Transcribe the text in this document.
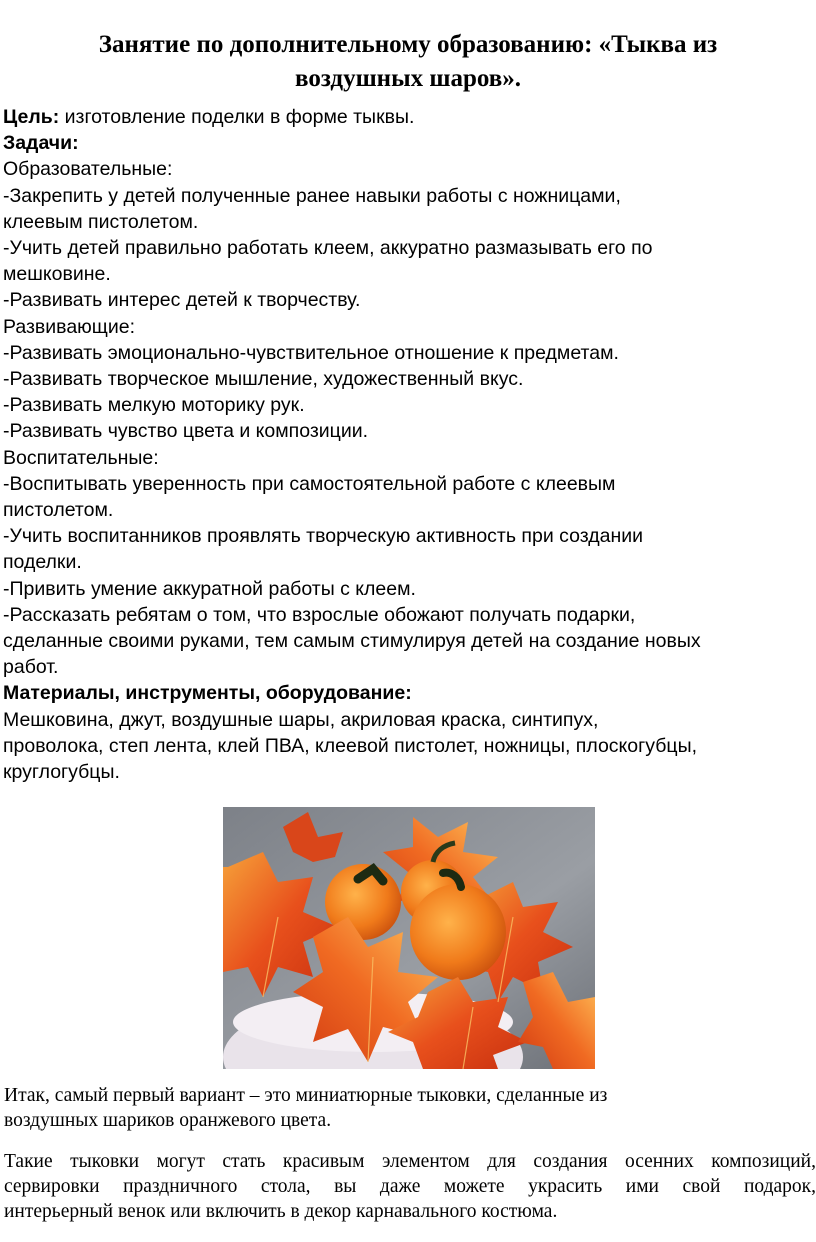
Занятие по дополнительному образованию: «Тыква из
воздушных шаров».
Цель: изготовление поделки в форме тыквы.
Задачи:
Образовательные:
-Закрепить у детей полученные ранее навыки работы с ножницами,
клеевым пистолетом.
-Учить детей правильно работать клеем, аккуратно размазывать его по
мешковине.
-Развивать интерес детей к творчеству.
Развивающие:
-Развивать эмоционально-чувствительное отношение к предметам.
-Развивать творческое мышление, художественный вкус.
-Развивать мелкую моторику рук.
-Развивать чувство цвета и композиции.
Воспитательные:
-Воспитывать уверенность при самостоятельной работе с клеевым
пистолетом.
-Учить воспитанников проявлять творческую активность при создании
поделки.
-Привить умение аккуратной работы с клеем.
-Рассказать ребятам о том, что взрослые обожают получать подарки,
сделанные своими руками, тем самым стимулируя детей на создание новых
работ.
Материалы, инструменты, оборудование:
Мешковина, джут, воздушные шары, акриловая краска, синтипух,
проволока, степ лента, клей ПВА, клеевой пистолет, ножницы, плоскогубцы,
круглогубцы.
Итак, самый первый вариант – это миниатюрные тыковки, сделанные из
воздушных шариков оранжевого цвета.
Такие тыковки могут стать красивым элементом для создания осенних композиций,
сервировки праздничного стола, вы даже можете украсить ими свой подарок,
интерьерный венок или включить в декор карнавального костюма.
